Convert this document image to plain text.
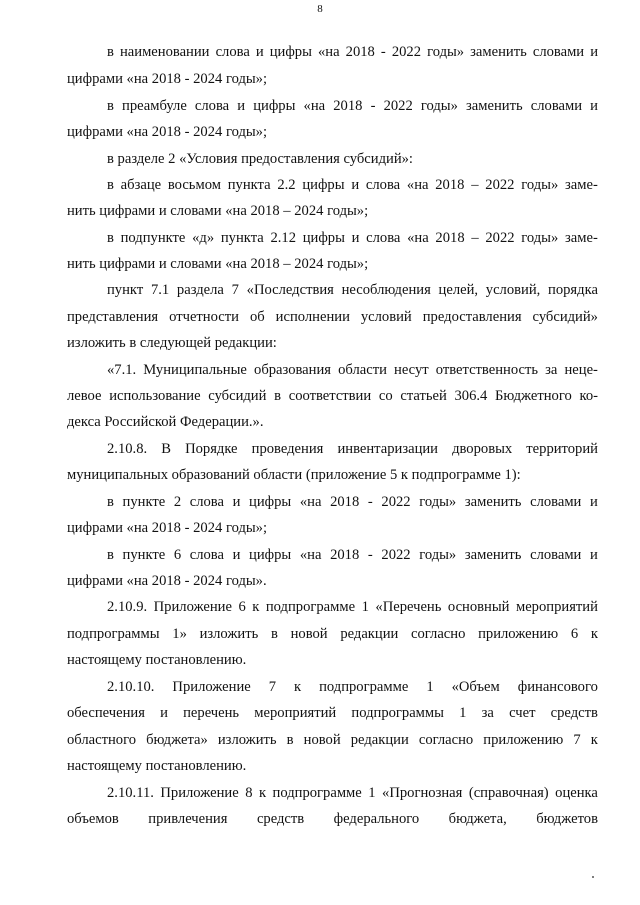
8
в наименовании слова и цифры «на 2018 - 2022 годы» заменить словами и
цифрами «на 2018 - 2024 годы»;
в преамбуле слова и цифры «на 2018 - 2022 годы» заменить словами и
цифрами «на 2018 - 2024 годы»;
в разделе 2 «Условия предоставления субсидий»:
в абзаце восьмом пункта 2.2 цифры и слова «на 2018 – 2022 годы» заме-
нить цифрами и словами «на 2018 – 2024 годы»;
в подпункте «д» пункта 2.12 цифры и слова «на 2018 – 2022 годы» заме-
нить цифрами и словами «на 2018 – 2024 годы»;
пункт 7.1 раздела 7 «Последствия несоблюдения целей, условий, порядка
представления отчетности об исполнении условий предоставления субсидий»
изложить в следующей редакции:
«7.1. Муниципальные образования области несут ответственность за неце-
левое использование субсидий в соответствии со статьей 306.4 Бюджетного ко-
декса Российской Федерации.».
2.10.8. В Порядке проведения инвентаризации дворовых территорий
муниципальных образований области (приложение 5 к подпрограмме 1):
в пункте 2 слова и цифры «на 2018 - 2022 годы» заменить словами и
цифрами «на 2018 - 2024 годы»;
в пункте 6 слова и цифры «на 2018 - 2022 годы» заменить словами и
цифрами «на 2018 - 2024 годы».
2.10.9. Приложение 6 к подпрограмме 1 «Перечень основный мероприятий
подпрограммы 1» изложить в новой редакции согласно приложению 6 к
настоящему постановлению.
2.10.10. Приложение 7 к подпрограмме 1 «Объем финансового
обеспечения и перечень мероприятий подпрограммы 1 за счет средств
областного бюджета» изложить в новой редакции согласно приложению 7 к
настоящему постановлению.
2.10.11. Приложение 8 к подпрограмме 1 «Прогнозная (справочная) оценка
объемов привлечения средств федерального бюджета, бюджетов
